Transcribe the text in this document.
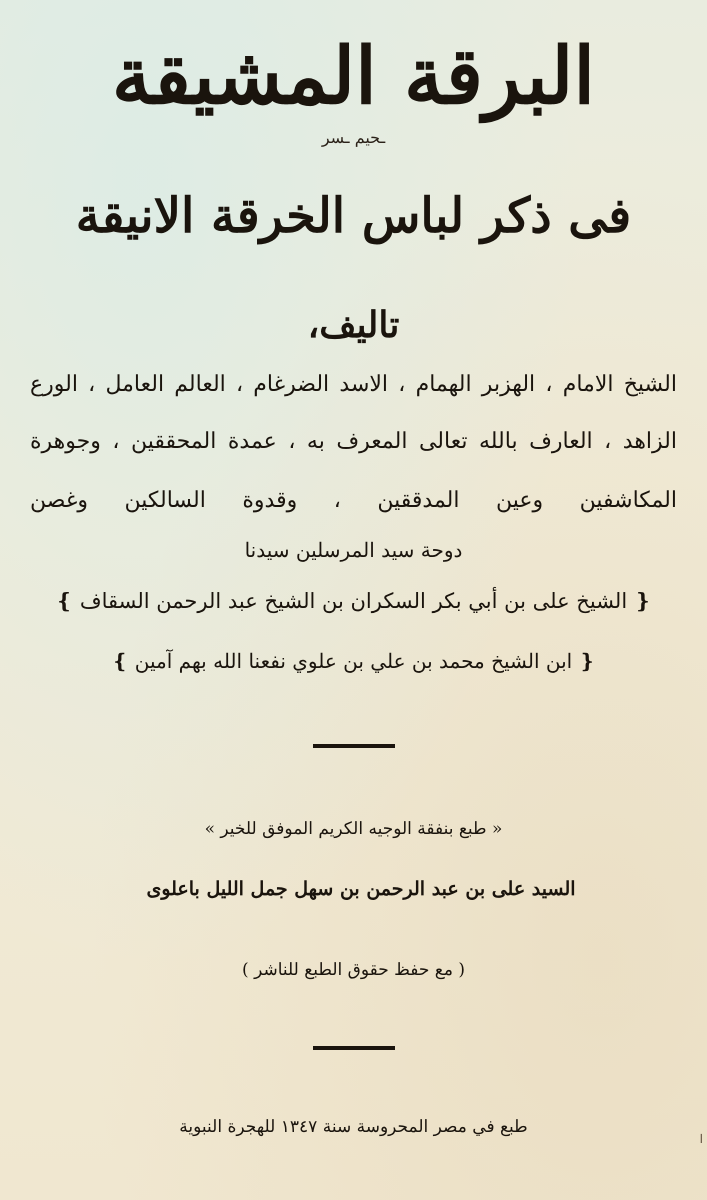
البرقة المشيقة
ـحيم ـسر
فى ذكر لباس الخرقة الانيقة
تاليف،
الشيخ الامام ، الهزبر الهمام ، الاسد الضرغام ، العالم العامل ، الورع
الزاهد ، العارف بالله تعالى المعرف به ، عمدة المحققين ، وجوهرة
المكاشفين وعين المدققين ، وقدوة السالكين وغصن
دوحة سيد المرسلين سيدنا
❴ الشيخ على بن أبي بكر السكران بن الشيخ عبد الرحمن السقاف ❵
❴ ابن الشيخ محمد بن علي بن علوي نفعنا الله بهم آمين ❵
« طبع بنفقة الوجيه الكريم الموفق للخير »
السيد على بن عبد الرحمن بن سهل جمل الليل باعلوى
( مع حفظ حقوق الطبع للناشر )
طبع في مصر المحروسة سنة ١٣٤٧ للهجرة النبوية
ا
